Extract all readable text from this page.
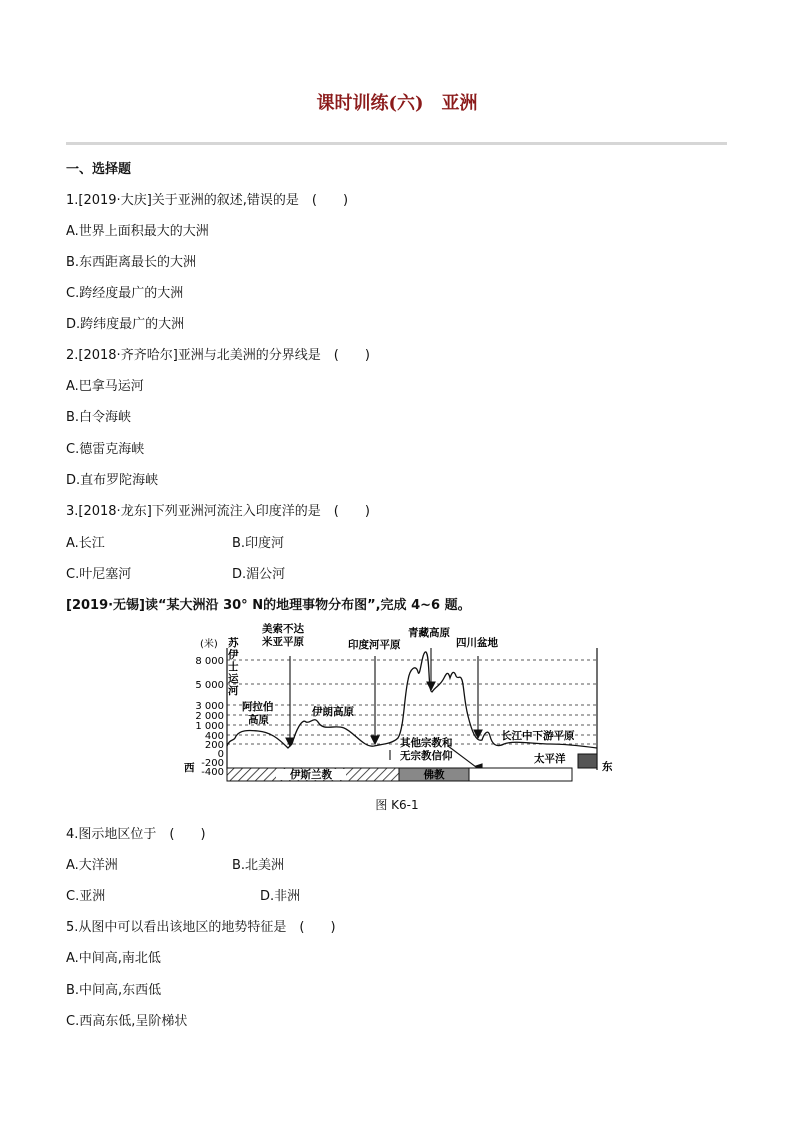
课时训练(六)　亚洲
一、选择题
1.[2019·大庆]关于亚洲的叙述,错误的是　(　　)
A.世界上面积最大的大洲
B.东西距离最长的大洲
C.跨经度最广的大洲
D.跨纬度最广的大洲
2.[2018·齐齐哈尔]亚洲与北美洲的分界线是　(　　)
A.巴拿马运河
B.白令海峡
C.德雷克海峡
D.直布罗陀海峡
3.[2018·龙东]下列亚洲河流注入印度洋的是　(　　)
A.长江	B.印度河
C.叶尼塞河	D.湄公河
[2019·无锡]读“某大洲沿 30° N的地理事物分布图”,完成 4~6 题。
(米)
8 000
5 000
3 000
2 000
1 000
400
200
0
-200
-400
苏
伊
士
运
河
美索不达
米亚平原	印度河平原
青藏高原
四川盆地
阿拉伯
高原
伊朗高原
其他宗教和
无宗教信仰
长江中下游平原
太平洋
西	东
伊斯兰教	佛教
图 K6-1
4.图示地区位于　(　　)
A.大洋洲	B.北美洲
C.亚洲	D.非洲
5.从图中可以看出该地区的地势特征是　(　　)
A.中间高,南北低
B.中间高,东西低
C.西高东低,呈阶梯状
